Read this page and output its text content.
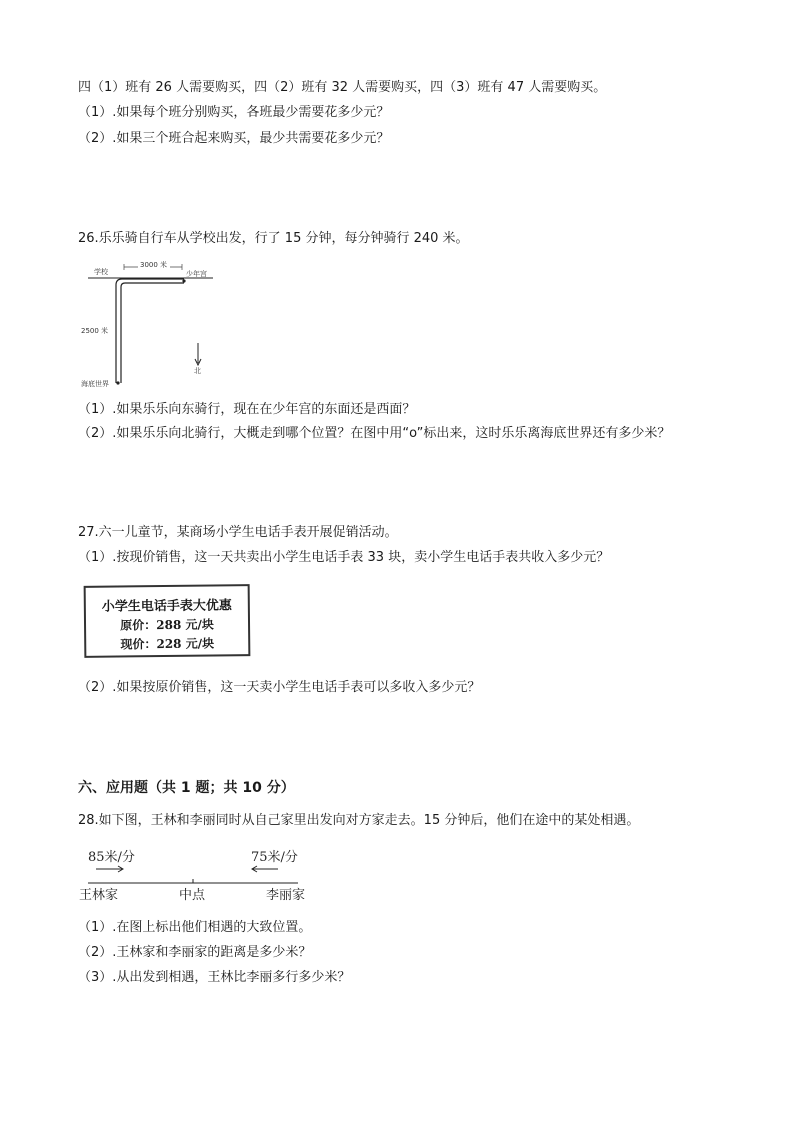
四（1）班有 26 人需要购买，四（2）班有 32 人需要购买，四（3）班有 47 人需要购买。
（1）.如果每个班分别购买，各班最少需要花多少元？
（2）.如果三个班合起来购买，最少共需要花多少元？
26.乐乐骑自行车从学校出发，行了 15 分钟，每分钟骑行 240 米。
3000 米
2500 米
学校	少年宫
海底世界
北
（1）.如果乐乐向东骑行，现在在少年宫的东面还是西面？
（2）.如果乐乐向北骑行，大概走到哪个位置？在图中用“o”标出来，这时乐乐离海底世界还有多少米？
27.六一儿童节，某商场小学生电话手表开展促销活动。
（1）.按现价销售，这一天共卖出小学生电话手表 33 块，卖小学生电话手表共收入多少元？
小学生电话手表大优惠
原价：288 元/块
现价：228 元/块
（2）.如果按原价销售，这一天卖小学生电话手表可以多收入多少元？
六、应用题（共 1 题；共 10 分）
28.如下图，王林和李丽同时从自己家里出发向对方家走去。15 分钟后，他们在途中的某处相遇。
85米/分	75米/分
王林家	中点	李丽家
（1）.在图上标出他们相遇的大致位置。
（2）.王林家和李丽家的距离是多少米？
（3）.从出发到相遇，王林比李丽多行多少米？
